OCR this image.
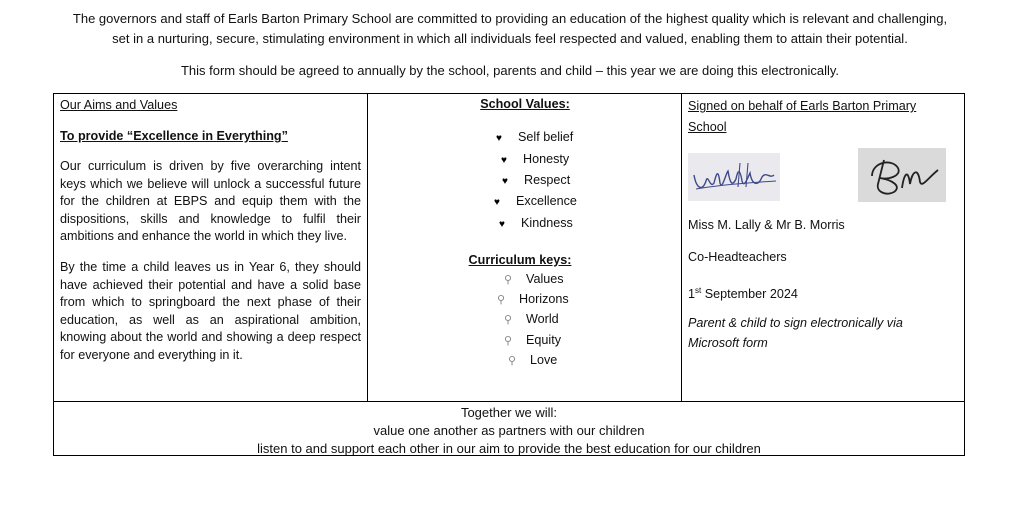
The governors and staff of Earls Barton Primary School are committed to providing an education of the highest quality which is relevant and challenging,
set in a nurturing, secure, stimulating environment in which all individuals feel respected and valued, enabling them to attain their potential.
This form should be agreed to annually by the school, parents and child – this year we are doing this electronically.
Our Aims and Values
To provide “Excellence in Everything”

Our curriculum is driven by five overarching intent keys which we believe will unlock a successful future for the children at EBPS and equip them with the dispositions, skills and knowledge to fulfil their ambitions and enhance the world in which they live.

By the time a child leaves us in Year 6, they should have achieved their potential and have a solid base from which to springboard the next phase of their education, as well as an aspirational ambition, knowing about the world and showing a deep respect for everyone and everything in it.

School Values:
♥ Self belief
♥ Honesty
♥ Respect
♥ Excellence
♥ Kindness
Curriculum keys:
⚲ Values
⚲ Horizons
⚲ World
⚲ Equity
⚲ Love
Signed on behalf of Earls Barton Primary School
Miss M. Lally & Mr B. Morris
Co-Headteachers
1st September 2024
Parent & child to sign electronically via Microsoft form
Together we will:
value one another as partners with our children
listen to and support each other in our aim to provide the best education for our children
